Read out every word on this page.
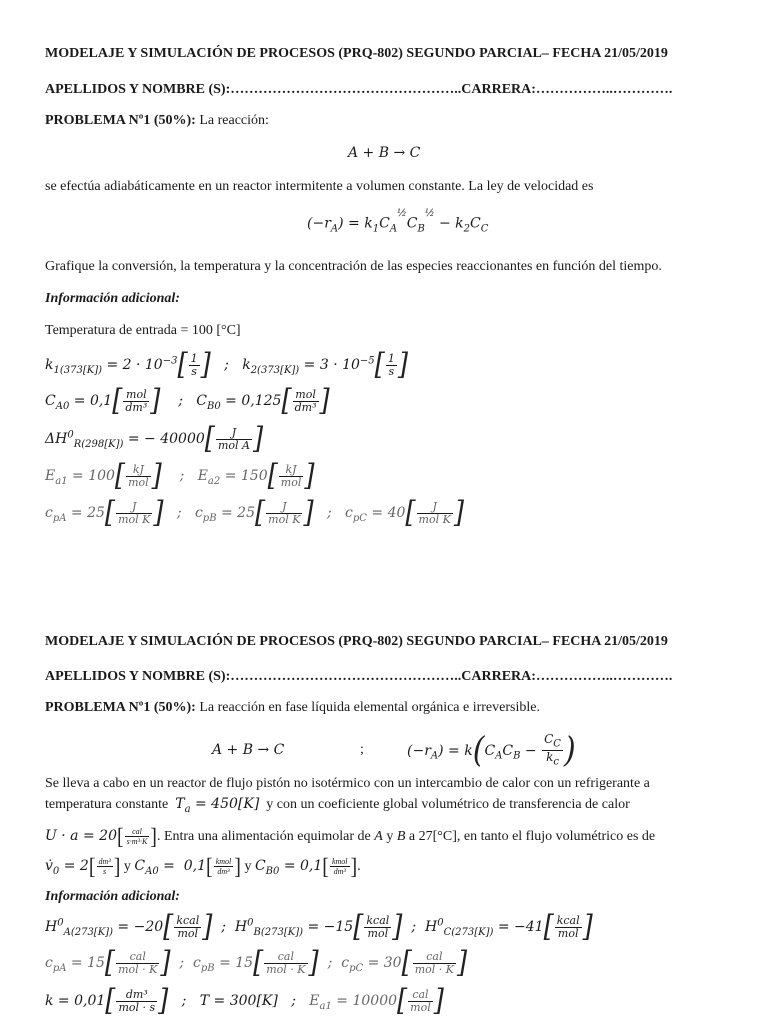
MODELAJE Y SIMULACIÓN DE PROCESOS (PRQ-802) SEGUNDO PARCIAL– FECHA 21/05/2019
APELLIDOS Y NOMBRE (S):…………………………………………..CARRERA:……………..………….
PROBLEMA Nº1 (50%): La reacción:
A + B → C
se efectúa adiabáticamente en un reactor intermitente a volumen constante. La ley de velocidad es
$(-r_A) = k_1C_A^{\frac{1}{2}}C_B^{\frac{1}{2}} - k_2C_C$
Grafique la conversión, la temperatura y la concentración de las especies reaccionantes en función del tiempo.
Información adicional:
Temperatura de entrada = 100 [°C]
$k_{1(373[K])} = 2 \cdot 10^{-3}[ \frac{1}{s}$ ]   ;   $k_{2(373[K])} = 3 \cdot 10^{-5}[ \frac{1}{s}$ ]
$C_{A0} = 0,1[ \frac{\text{mol}}{\text{dm³}}$ ]    ;   $C_{B0} = 0,125[ \frac{\text{mol}}{\text{dm³}}$ ]
$\Delta H^0_{R(298[K])}$ = − $40000[ \frac{J}{\text{mol A}}$ ]
$E_{a1} = 100[ \frac{kJ}{\text{mol}}$ ]    ;   $E_{a2} = 150[ \frac{kJ}{\text{mol}}$ ]
$c_{pA} = 25[ \frac{J}{\text{mol K}}$ ]   ;   $c_{pB} = 25[ \frac{J}{\text{mol K}}$ ]   ;   $c_{pC} = 40[ \frac{J}{\text{mol K}}$ ]
MODELAJE Y SIMULACIÓN DE PROCESOS (PRQ-802) SEGUNDO PARCIAL– FECHA 21/05/2019
APELLIDOS Y NOMBRE (S):…………………………………………..CARRERA:……………..………….
PROBLEMA Nº1 (50%): La reacción en fase líquida elemental orgánica e irreversible.
A + B → C	;	$(-r_A) = k(C_AC_B - \frac{C_C}{k_c}$ )
Se lleva a cabo en un reactor de flujo pistón no isotérmico con un intercambio de calor con un refrigerante a
temperatura constante  $T_a = 450[K]$  y con un coeficiente global volumétrico de transferencia de calor
$U \cdot a = 20[ \frac{\text{cal}}{\text{s·m³·K}}$ ]. Entra una alimentación equimolar de A y B a 27[°C], en tanto el flujo volumétrico es de
$v̇_0 = 2[ \frac{\text{dm³}}{s}$ ] y $C_{A0} = 0,1[ \frac{\text{kmol}}{\text{dm³}}$ ] y $C_{B0} = 0,1[ \frac{\text{kmol}}{\text{dm³}}$ ].
Información adicional:
$H^0_{A(273[K])} = -20[ \frac{\text{kcal}}{\text{mol}}$ ]  ;  $H^0_{B(273[K])} = -15[ \frac{\text{kcal}}{\text{mol}}$ ]  ;  $H^0_{C(273[K])} = -41[ \frac{\text{kcal}}{\text{mol}}$ ]
$c_{pA} = 15[ \frac{\text{cal}}{\text{mol · K}}$ ]  ;  $c_{pB} = 15[ \frac{\text{cal}}{\text{mol · K}}$ ]  ;  $c_{pC} = 30[ \frac{\text{cal}}{\text{mol · K}}$ ]
$k = 0,01[ \frac{\text{dm³}}{\text{mol · s}}$ ]   ;   T = 300[K]   ;   $E_{a1} = 10000[ \frac{\text{cal}}{\text{mol}}$ ]
